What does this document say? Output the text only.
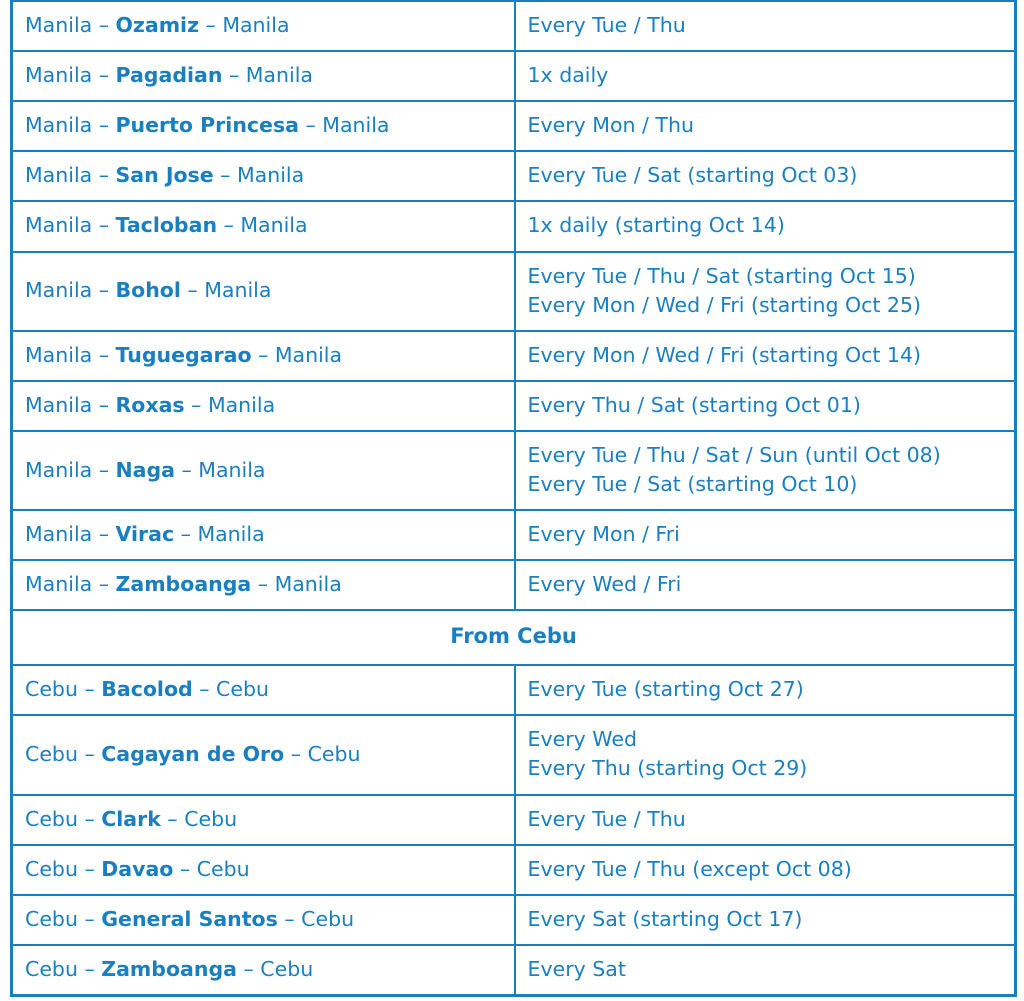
Manila – Ozamiz – Manila	Every Tue / Thu

Manila – Pagadian – Manila	1x daily

Manila – Puerto Princesa – Manila	Every Mon / Thu

Manila – San Jose – Manila	Every Tue / Sat (starting Oct 03)

Manila – Tacloban – Manila	1x daily (starting Oct 14)

Manila – Bohol – Manila	Every Tue / Thu / Sat (starting Oct 15)
Every Mon / Wed / Fri (starting Oct 25)

Manila – Tuguegarao – Manila	Every Mon / Wed / Fri (starting Oct 14)

Manila – Roxas – Manila	Every Thu / Sat (starting Oct 01)

Manila – Naga – Manila	Every Tue / Thu / Sat / Sun (until Oct 08)
Every Tue / Sat (starting Oct 10)

Manila – Virac – Manila	Every Mon / Fri

Manila – Zamboanga – Manila	Every Wed / Fri

From Cebu	
Cebu – Bacolod – Cebu	Every Tue (starting Oct 27)

Cebu – Cagayan de Oro – Cebu	Every Wed
Every Thu (starting Oct 29)

Cebu – Clark – Cebu	Every Tue / Thu

Cebu – Davao – Cebu	Every Tue / Thu (except Oct 08)

Cebu – General Santos – Cebu	Every Sat (starting Oct 17)

Cebu – Zamboanga – Cebu	Every Sat
